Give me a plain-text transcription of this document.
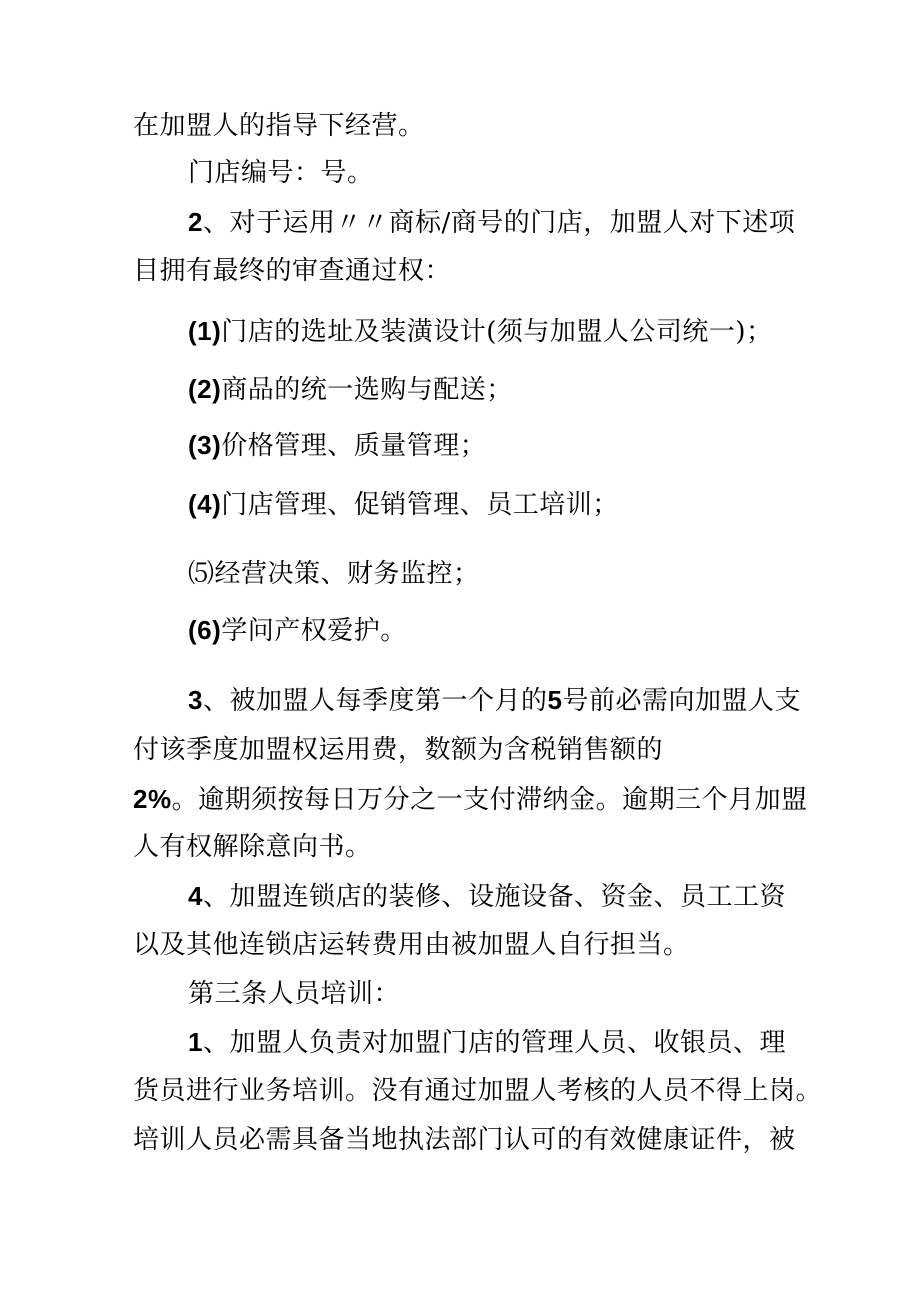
在加盟人的指导下经营。

门店编号：号。

2、对于运用〃〃商标/商号的门店，加盟人对下述项

目拥有最终的审查通过权：

(1)门店的选址及装潢设计(须与加盟人公司统一)；

(2)商品的统一选购与配送；

(3)价格管理、质量管理；

(4)门店管理、促销管理、员工培训；

⑸经营决策、财务监控；

(6)学问产权爱护。

3、被加盟人每季度第一个月的5号前必需向加盟人支

付该季度加盟权运用费，数额为含税销售额的

2%。逾期须按每日万分之一支付滞纳金。逾期三个月加盟

人有权解除意向书。

4、加盟连锁店的装修、设施设备、资金、员工工资

以及其他连锁店运转费用由被加盟人自行担当。

第三条人员培训：

1、加盟人负责对加盟门店的管理人员、收银员、理

货员进行业务培训。没有通过加盟人考核的人员不得上岗。

培训人员必需具备当地执法部门认可的有效健康证件，被
